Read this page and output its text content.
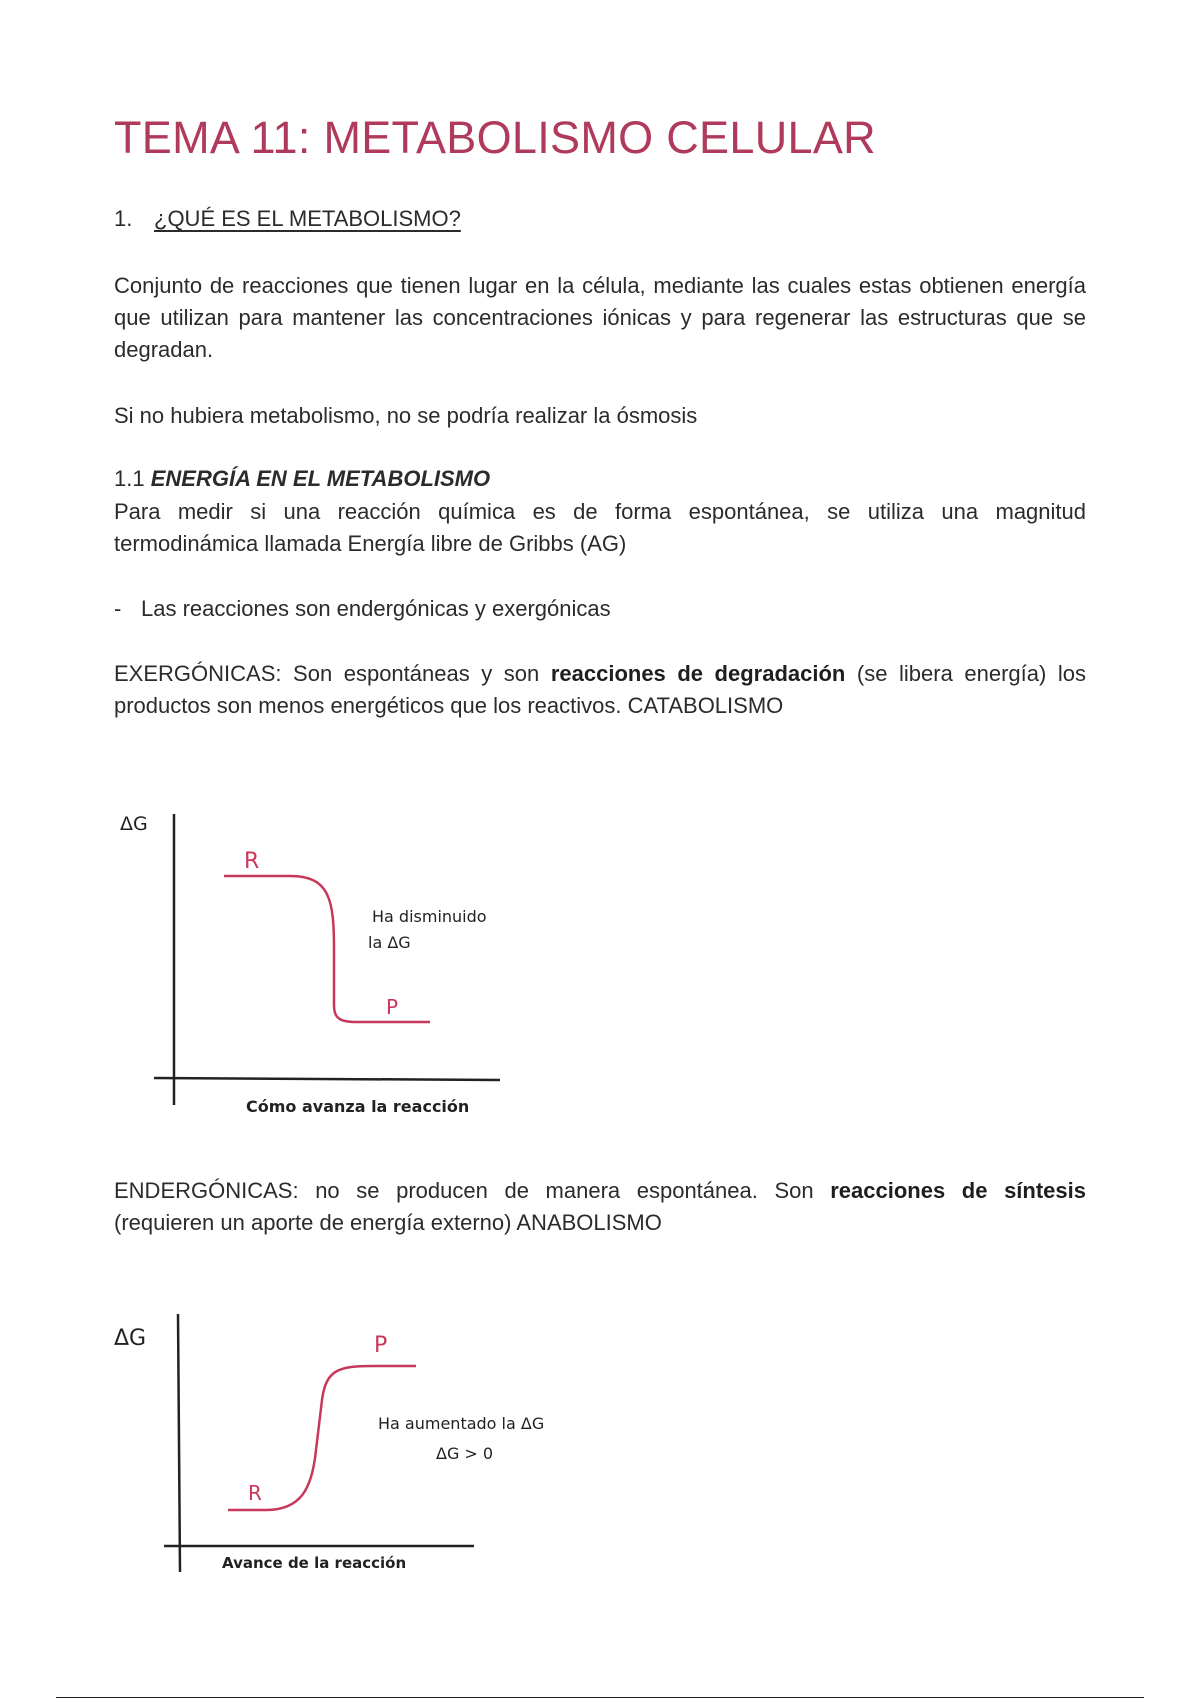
TEMA 11: METABOLISMO CELULAR
1. ¿QUÉ ES EL METABOLISMO?

Conjunto de reacciones que tienen lugar en la célula, mediante las cuales estas obtienen energía que utilizan para mantener las concentraciones iónicas y para regenerar las estructuras que se degradan.

Si no hubiera metabolismo, no se podría realizar la ósmosis

1.1 ENERGÍA EN EL METABOLISMO

Para medir si una reacción química es de forma espontánea, se utiliza una magnitud termodinámica llamada Energía libre de Gribbs (AG)

- Las reacciones son endergónicas y exergónicas

EXERGÓNICAS: Son espontáneas y son reacciones de degradación (se libera energía) los productos son menos energéticos que los reactivos. CATABOLISMO

ΔG
R
P
Ha disminuido
la ΔG
Cómo avanza la reacción

ENDERGÓNICAS: no se producen de manera espontánea. Son reacciones de síntesis (requieren un aporte de energía externo) ANABOLISMO

ΔG	P
R
Ha aumentado la ΔG
ΔG > 0
Avance de la reacción
